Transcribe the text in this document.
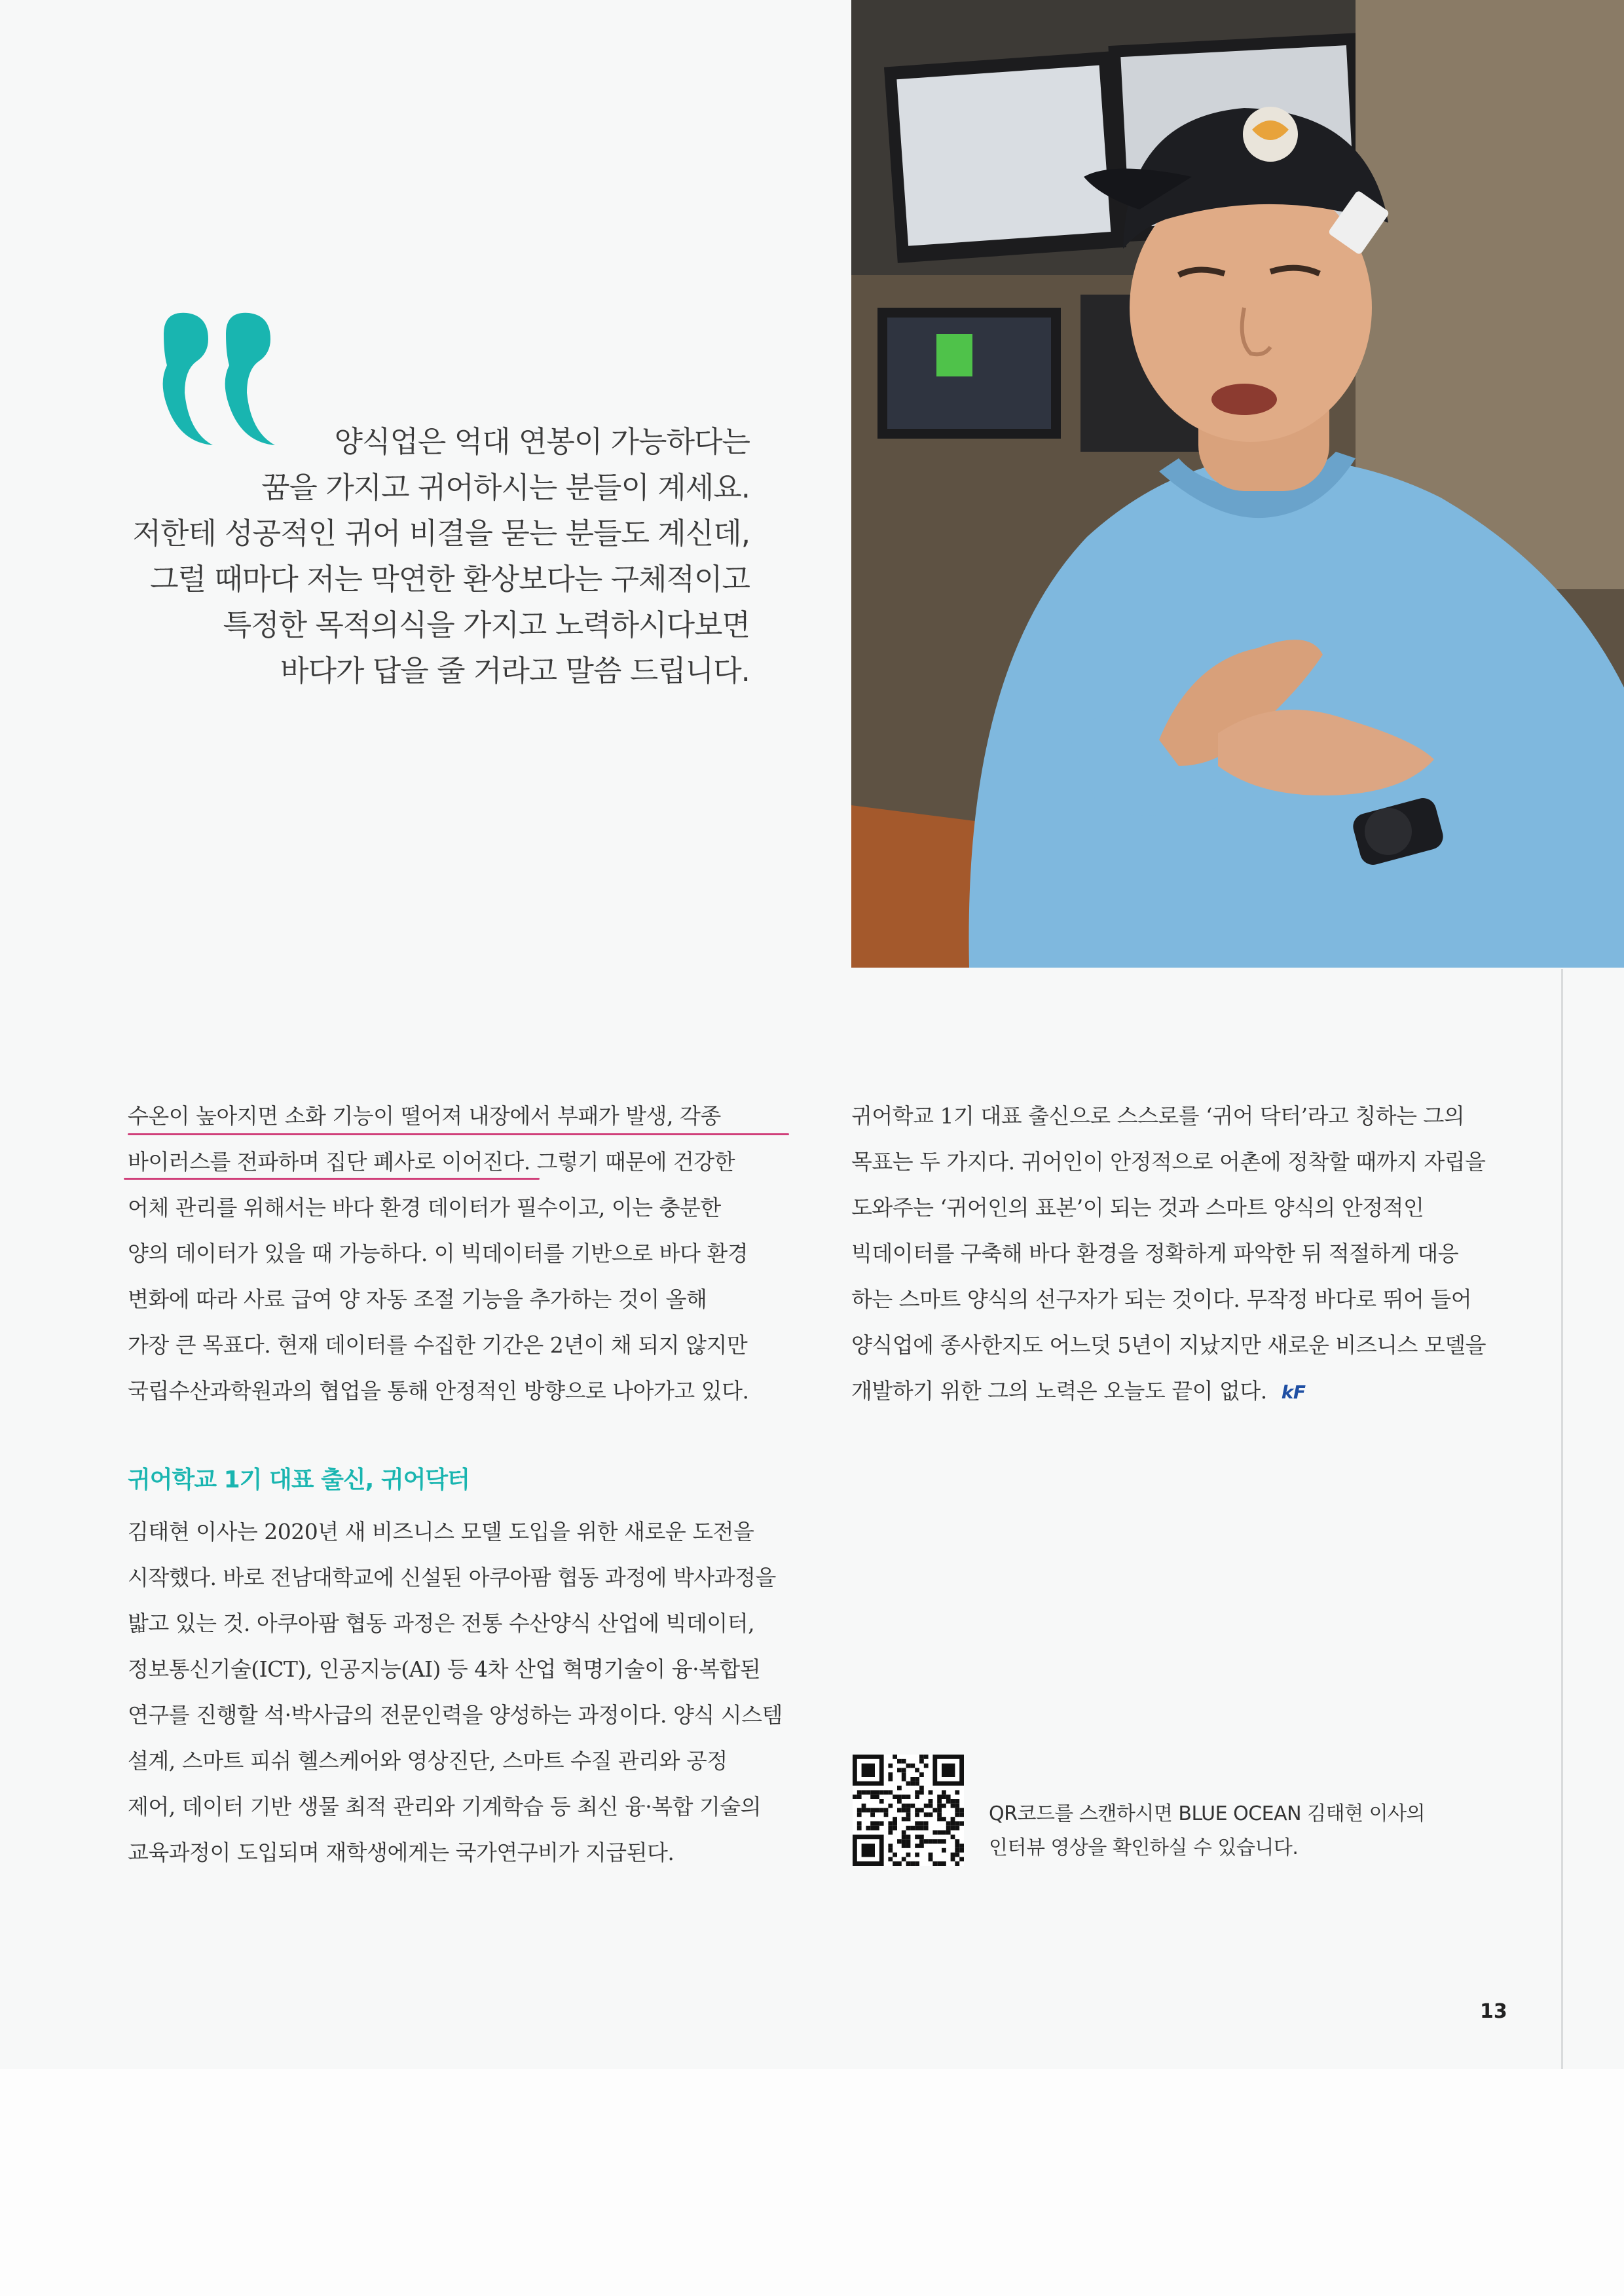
양식업은 억대 연봉이 가능하다는
꿈을 가지고 귀어하시는 분들이 계세요.
저한테 성공적인 귀어 비결을 묻는 분들도 계신데,
그럴 때마다 저는 막연한 환상보다는 구체적이고
특정한 목적의식을 가지고 노력하시다보면
바다가 답을 줄 거라고 말씀 드립니다.
수온이 높아지면 소화 기능이 떨어져 내장에서 부패가 발생, 각종
바이러스를 전파하며 집단 폐사로 이어진다.
그렇기 때문에 건강한
어체 관리를 위해서는 바다 환경 데이터가 필수이고, 이는 충분한
양의 데이터가 있을 때 가능하다. 이 빅데이터를 기반으로 바다 환경
변화에 따라 사료 급여 양 자동 조절 기능을 추가하는 것이 올해
가장 큰 목표다. 현재 데이터를 수집한 기간은 2년이 채 되지 않지만
국립수산과학원과의 협업을 통해 안정적인 방향으로 나아가고 있다.
귀어학교 1기 대표 출신, 귀어닥터
김태현 이사는 2020년 새 비즈니스 모델 도입을 위한 새로운 도전을
시작했다. 바로 전남대학교에 신설된 아쿠아팜 협동 과정에 박사과정을
밟고 있는 것. 아쿠아팜 협동 과정은 전통 수산양식 산업에 빅데이터,
정보통신기술(ICT), 인공지능(AI) 등 4차 산업 혁명기술이 융·복합된
연구를 진행할 석·박사급의 전문인력을 양성하는 과정이다. 양식 시스템
설계, 스마트 피쉬 헬스케어와 영상진단, 스마트 수질 관리와 공정
제어, 데이터 기반 생물 최적 관리와 기계학습 등 최신 융·복합 기술의
교육과정이 도입되며 재학생에게는 국가연구비가 지급된다.
귀어학교 1기 대표 출신으로 스스로를 ‘귀어 닥터’라고 칭하는 그의
목표는 두 가지다. 귀어인이 안정적으로 어촌에 정착할 때까지 자립을
도와주는 ‘귀어인의 표본’이 되는 것과 스마트 양식의 안정적인
빅데이터를 구축해 바다 환경을 정확하게 파악한 뒤 적절하게 대응
하는 스마트 양식의 선구자가 되는 것이다. 무작정 바다로 뛰어 들어
양식업에 종사한지도 어느덧 5년이 지났지만 새로운 비즈니스 모델을
개발하기 위한 그의 노력은 오늘도 끝이 없다. kF
QR코드를 스캔하시면 BLUE OCEAN 김태현 이사의
인터뷰 영상을 확인하실 수 있습니다.
13
